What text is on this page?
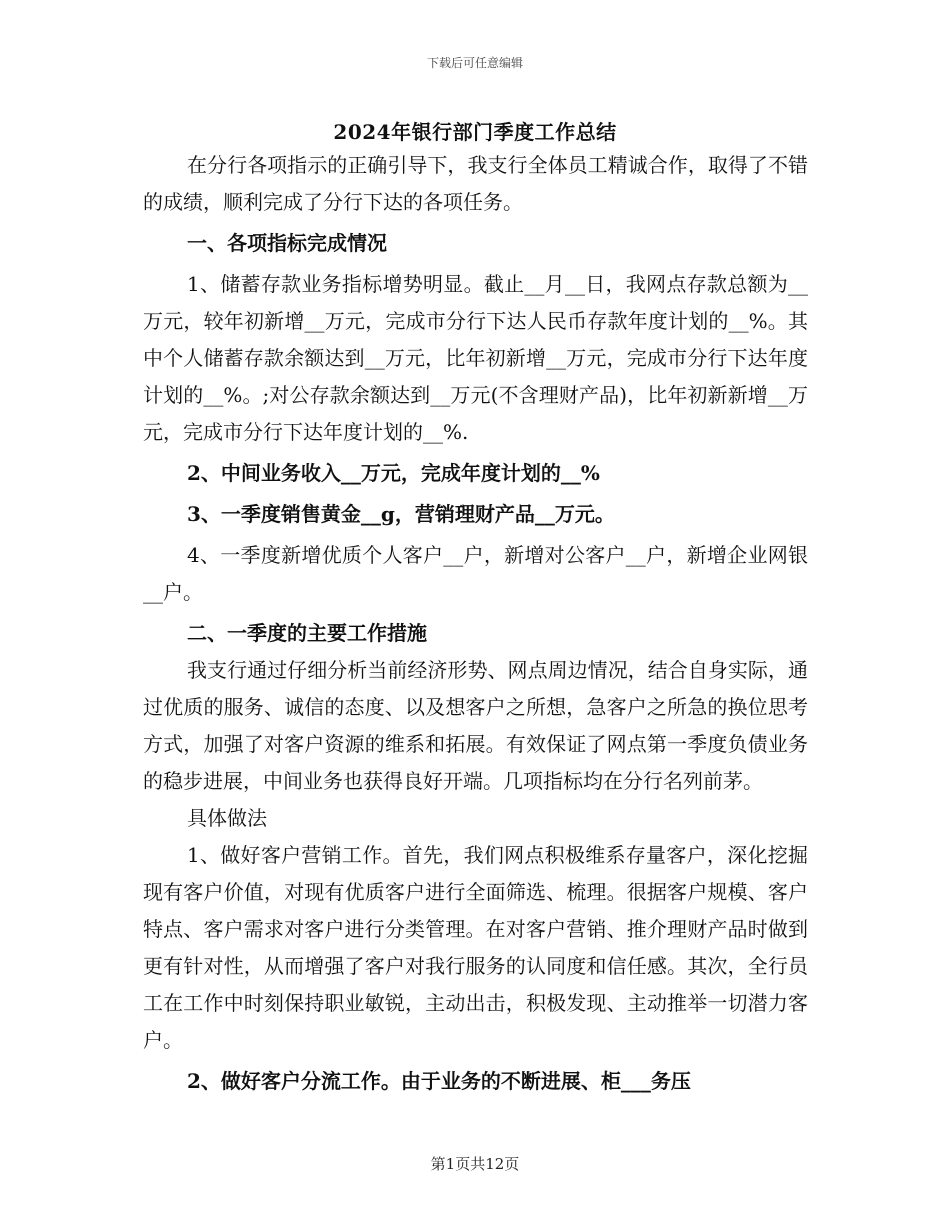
下载后可任意编辑
2024年银行部门季度工作总结

在分行各项指示的正确引导下，我支行全体员工精诚合作，取得了不错的成绩，顺利完成了分行下达的各项任务。

一、各项指标完成情况

1、储蓄存款业务指标增势明显。截止__月__日，我网点存款总额为__万元，较年初新增__万元，完成市分行下达人民币存款年度计划的__%。其中个人储蓄存款余额达到__万元，比年初新增__万元，完成市分行下达年度计划的__%。;对公存款余额达到__万元(不含理财产品)，比年初新新增__万元，完成市分行下达年度计划的__%.

2、中间业务收入__万元，完成年度计划的__%

3、一季度销售黄金__g，营销理财产品__万元。

4、一季度新增优质个人客户__户，新增对公客户__户，新增企业网银__户。

二、一季度的主要工作措施

我支行通过仔细分析当前经济形势、网点周边情况，结合自身实际，通过优质的服务、诚信的态度、以及想客户之所想，急客户之所急的换位思考方式，加强了对客户资源的维系和拓展。有效保证了网点第一季度负债业务的稳步进展，中间业务也获得良好开端。几项指标均在分行名列前茅。

具体做法

1、做好客户营销工作。首先，我们网点积极维系存量客户，深化挖掘现有客户价值，对现有优质客户进行全面筛选、梳理。很据客户规模、客户特点、客户需求对客户进行分类管理。在对客户营销、推介理财产品时做到更有针对性，从而增强了客户对我行服务的认同度和信任感。其次，全行员工在工作中时刻保持职业敏锐，主动出击，积极发现、主动推举一切潜力客户。

2、做好客户分流工作。由于业务的不断进展、柜___务压

第1页共12页
